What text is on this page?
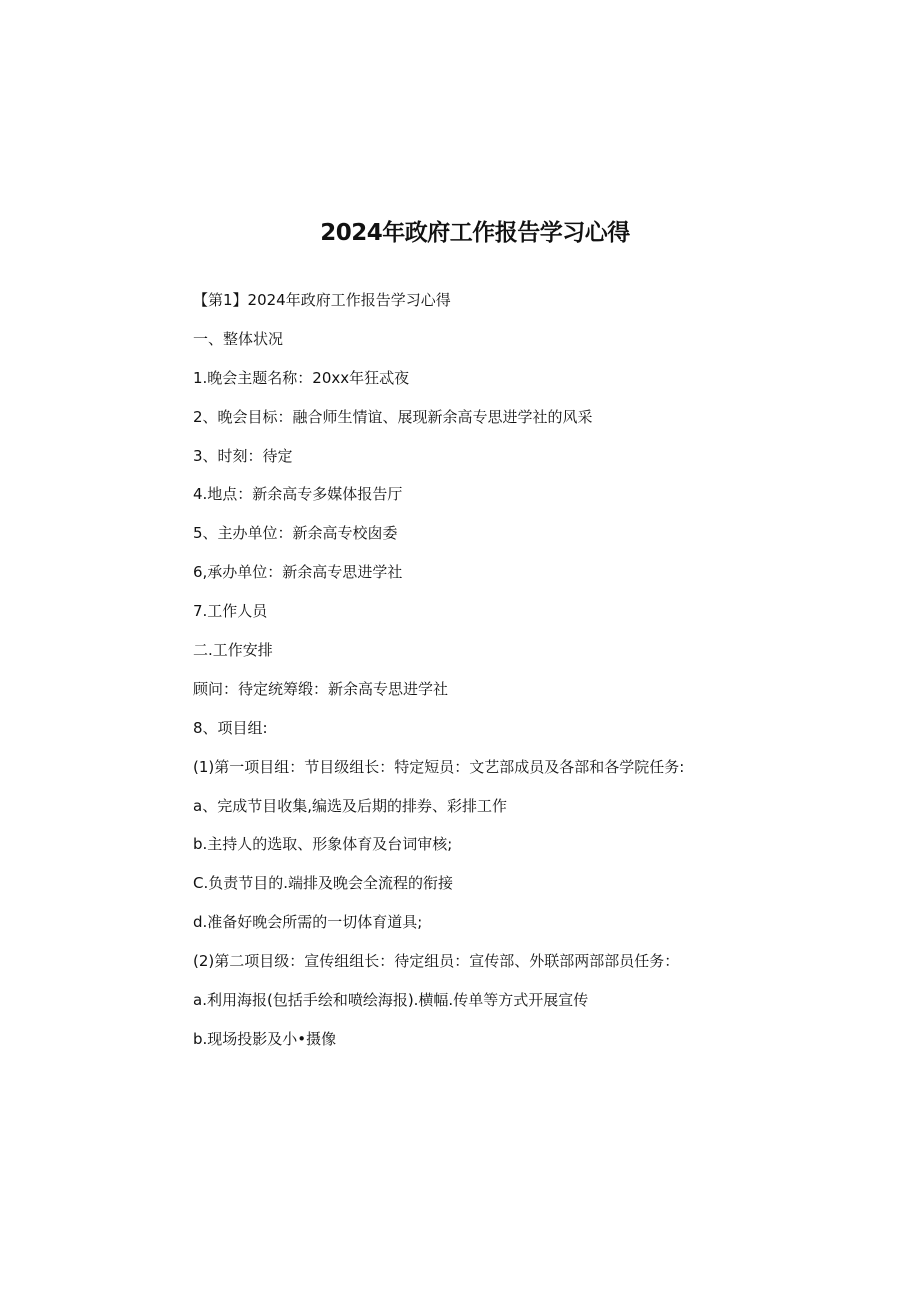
2024年政府工作报告学习心得
【第1】2024年政府工作报告学习心得
一、整体状况
1.晚会主题名称：20xx年狂忒夜
2、晚会目标：融合师生情谊、展现新余高专思进学社的风采
3、时刻：待定
4.地点：新余高专多媒体报告厅
5、主办单位：新余高专校囱委
6,承办单位：新余高专思进学社
7.工作人员
二.工作安排
顾问：待定统筹缎：新余高专思进学社
8、项目组:
(1)第一项目组：节目级组长：特定短员：文艺部成员及各部和各学院任务:
a、完成节目收集,编选及后期的排券、彩排工作
b.主持人的选取、形象体育及台词审核;
C.负责节目的.端排及晚会全流程的衔接
d.准备好晚会所需的一切体育道具;
(2)第二项目级：宣传组组长：待定组员：宣传部、外联部两部部员任务：
a.利用海报(包括手绘和喷绘海报).横幅.传单等方式开展宣传
b.现场投影及小•摄像
